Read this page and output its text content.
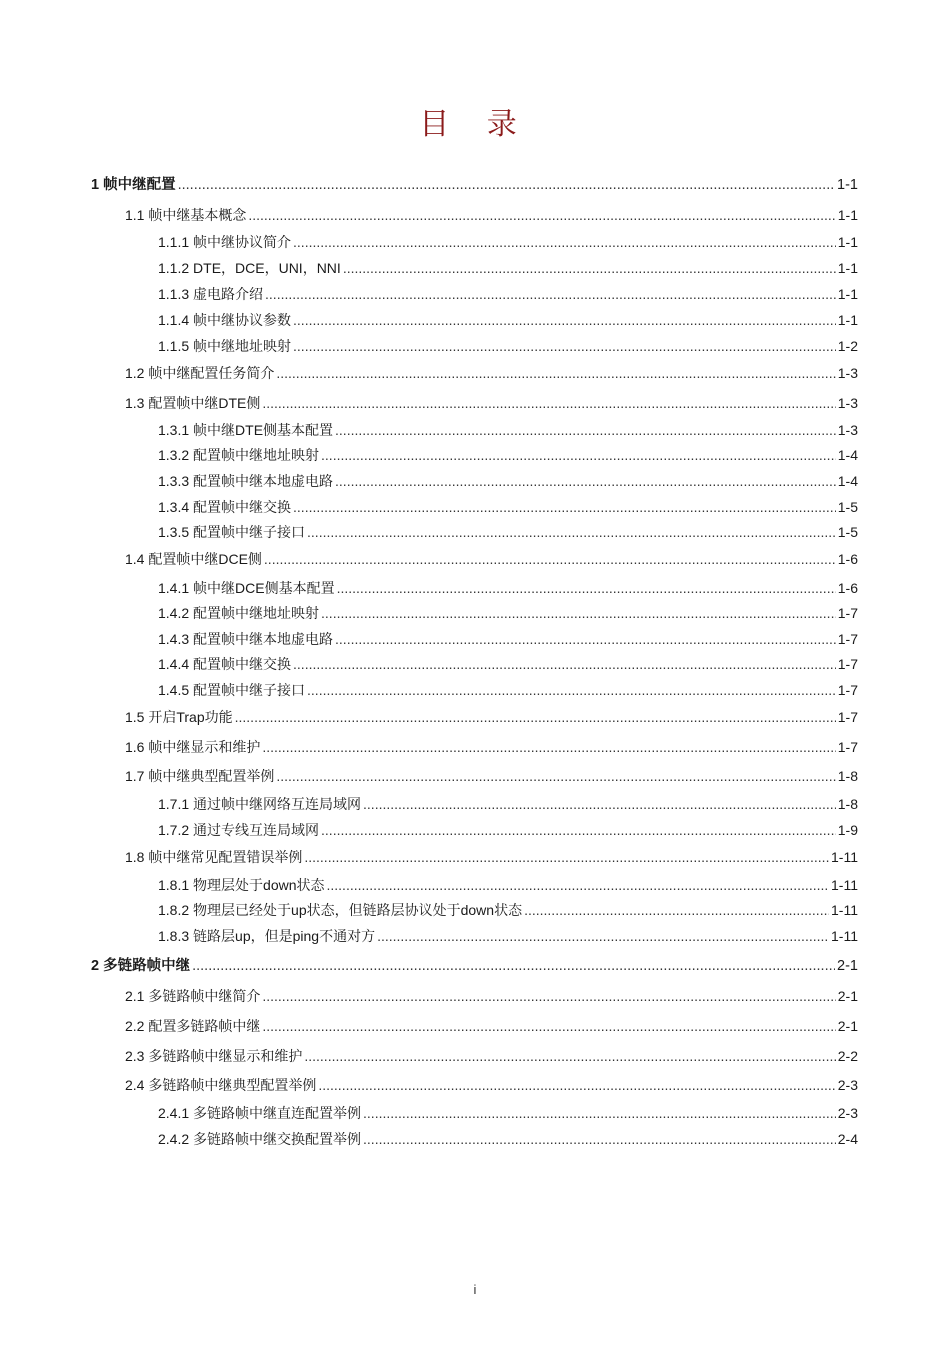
目 录
1 帧中继配置 .....	1-1
1.1 帧中继基本概念 .....	1-1
1.1.1 帧中继协议简介 .....	1-1
1.1.2 DTE，DCE，UNI，NNI .....	1-1
1.1.3 虚电路介绍 .....	1-1
1.1.4 帧中继协议参数 .....	1-1
1.1.5 帧中继地址映射 .....	1-2
1.2 帧中继配置任务简介 .....	1-3
1.3 配置帧中继DTE侧 .....	1-3
1.3.1 帧中继DTE侧基本配置 .....	1-3
1.3.2 配置帧中继地址映射 .....	1-4
1.3.3 配置帧中继本地虚电路 .....	1-4
1.3.4 配置帧中继交换 .....	1-5
1.3.5 配置帧中继子接口 .....	1-5
1.4 配置帧中继DCE侧 .....	1-6
1.4.1 帧中继DCE侧基本配置 .....	1-6
1.4.2 配置帧中继地址映射 .....	1-7
1.4.3 配置帧中继本地虚电路 .....	1-7
1.4.4 配置帧中继交换 .....	1-7
1.4.5 配置帧中继子接口 .....	1-7
1.5 开启Trap功能 .....	1-7
1.6 帧中继显示和维护 .....	1-7
1.7 帧中继典型配置举例 .....	1-8
1.7.1 通过帧中继网络互连局域网 .....	1-8
1.7.2 通过专线互连局域网 .....	1-9
1.8 帧中继常见配置错误举例 .....	1-11
1.8.1 物理层处于down状态 .....	1-11
1.8.2 物理层已经处于up状态，但链路层协议处于down状态 .....	1-11
1.8.3 链路层up，但是ping不通对方 .....	1-11
2 多链路帧中继 .....	2-1
2.1 多链路帧中继简介 .....	2-1
2.2 配置多链路帧中继 .....	2-1
2.3 多链路帧中继显示和维护 .....	2-2
2.4 多链路帧中继典型配置举例 .....	2-3
2.4.1 多链路帧中继直连配置举例 .....	2-3
2.4.2 多链路帧中继交换配置举例 .....	2-4
i
